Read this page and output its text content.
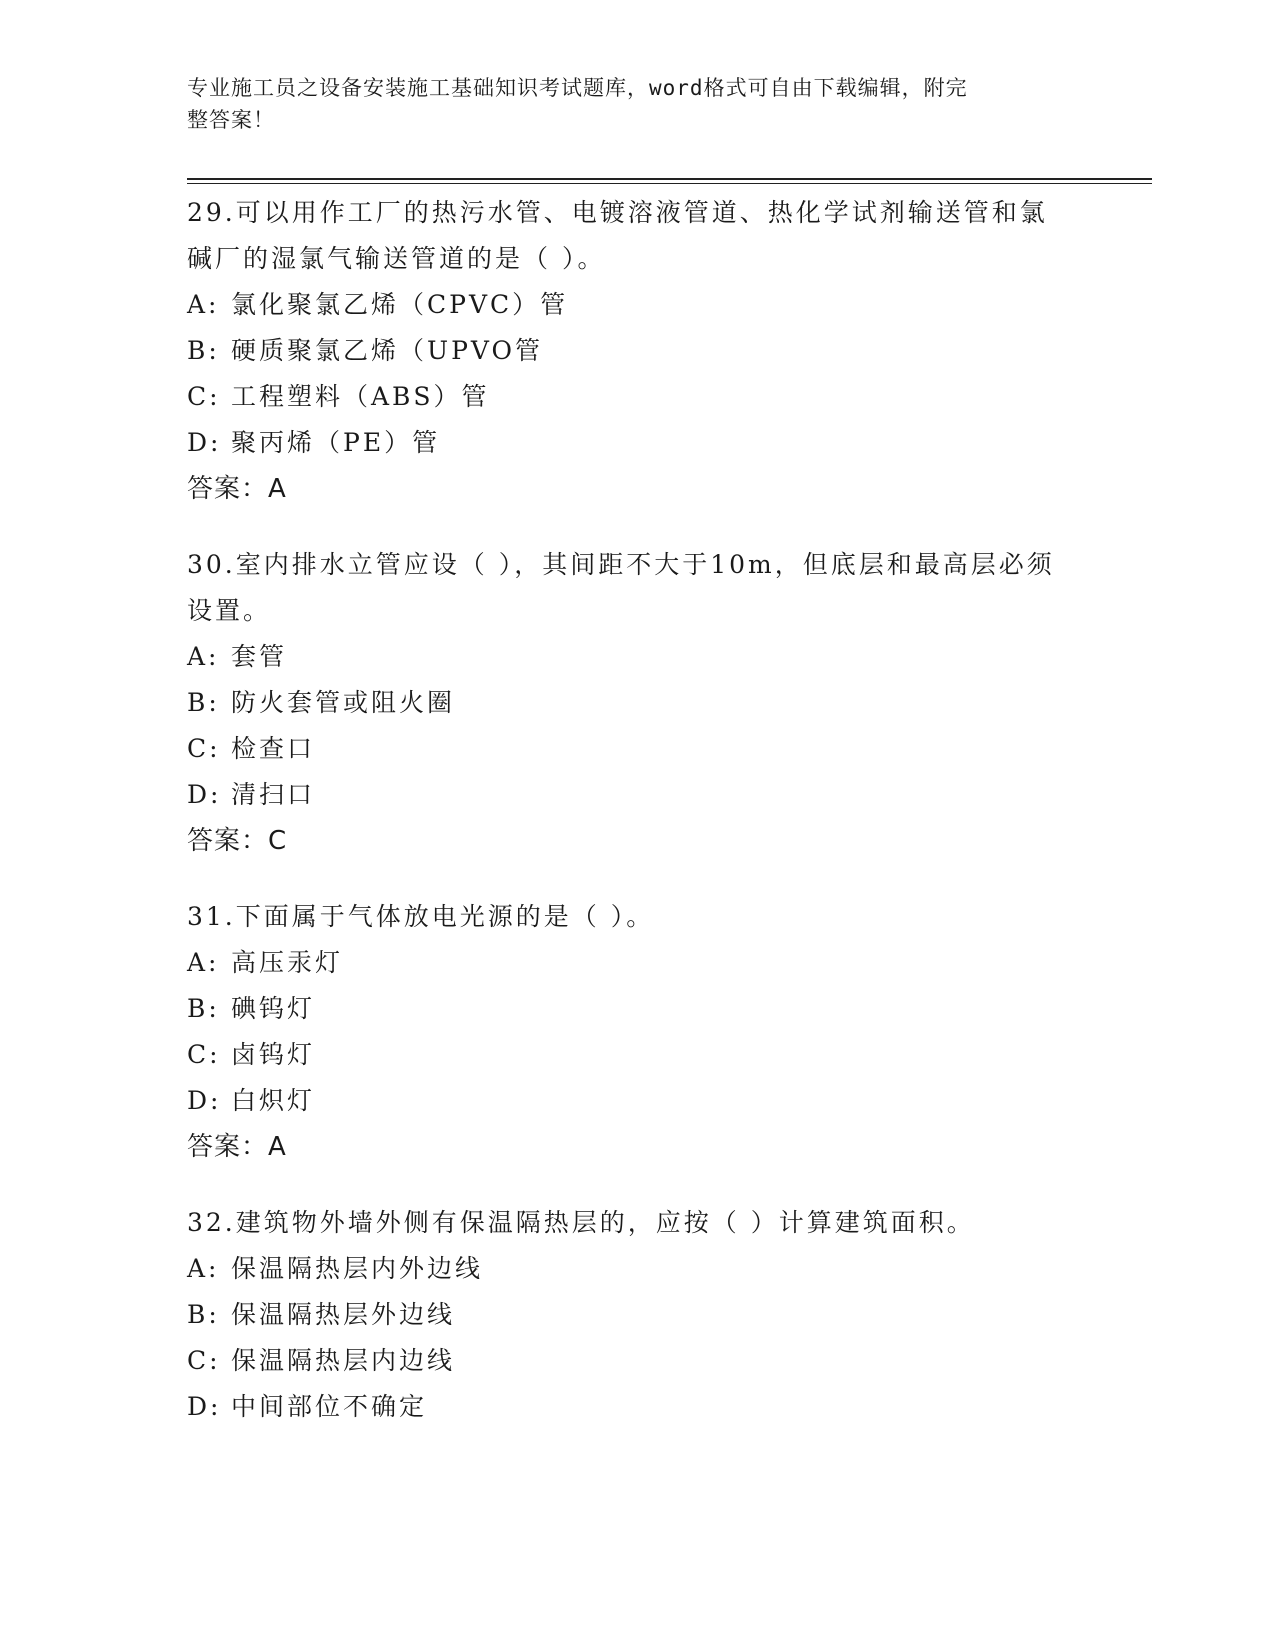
专业施工员之设备安装施工基础知识考试题库，word格式可自由下载编辑，附完
整答案！

29.可以用作工厂的热污水管、电镀溶液管道、热化学试剂输送管和氯

碱厂的湿氯气输送管道的是（ ）。

A: 氯化聚氯乙烯（CPVC）管

B: 硬质聚氯乙烯（UPVO管

C: 工程塑料（ABS）管

D: 聚丙烯（PE）管

答案：A

30.室内排水立管应设（ ），其间距不大于10m，但底层和最高层必须

设置。

A: 套管

B: 防火套管或阻火圈

C: 检查口

D: 清扫口

答案：C

31.下面属于气体放电光源的是（ ）。

A: 高压汞灯

B: 碘钨灯

C: 卤钨灯

D: 白炽灯

答案：A

32.建筑物外墙外侧有保温隔热层的，应按（ ）计算建筑面积。

A: 保温隔热层内外边线

B: 保温隔热层外边线

C: 保温隔热层内边线

D: 中间部位不确定
